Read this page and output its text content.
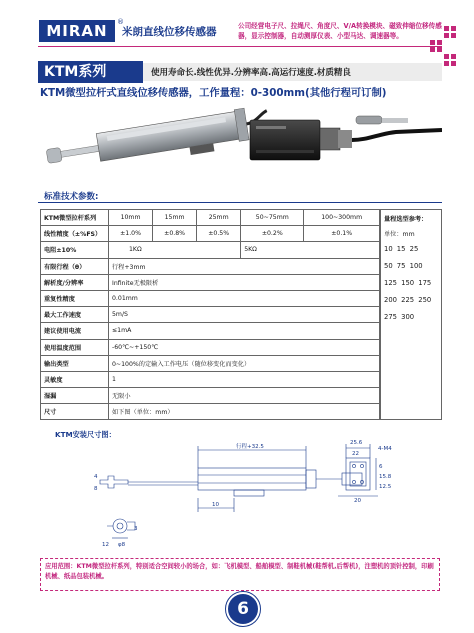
MIRAN	®
米朗直线位移传感器	公司经营电子尺、拉绳尺、角度尺、V/A转换模块、磁致伸缩位移传感器，显示控制器，自动测厚仪表、小型马达、调速器等。
KTM系列	使用寿命长.线性优异.分辨率高.高运行速度.材质精良
KTM微型拉杆式直线位移传感器，工作量程：0-300mm(其他行程可订制)
标准技术参数:
KTM微型拉杆系列	10mm	15mm	25mm	50~75mm	100~300mm
线性精度（±%FS）	±1.0%	±0.8%	±0.5%	±0.2%	±0.1%
电阻±10%	1KΩ			5KΩ	
有限行程（θ）	行程+3mm				
解析度/分辨率	Infinite无极限析				
重复性精度	0.01mm				
最大工作速度	5m/S				
建议使用电流	≤1mA				
使用温度范围	-60℃~+150℃				
输出类型	0~100%的定输入工作电压（随位移变化而变化）				
灵敏度	1				
湿漏	无限小				
尺寸	如下图（单位：mm）				
量程选型参考：
单位：mm
10 15 25
50 75 100
125 150 175
200 225 250
275 300
KTM安装尺寸图：
行程+32.5
25.6
22
4-M4
6
15.8
12.5
20
10
4
8
12
3
φ8
应用范围：KTM微型拉杆系列，特别适合空间较小的场合，如：飞机模型、船舶模型、制鞋机械(鞋帮机,后帮机)，注塑机的顶针控制，印刷机械、纸品包装机械。
6
